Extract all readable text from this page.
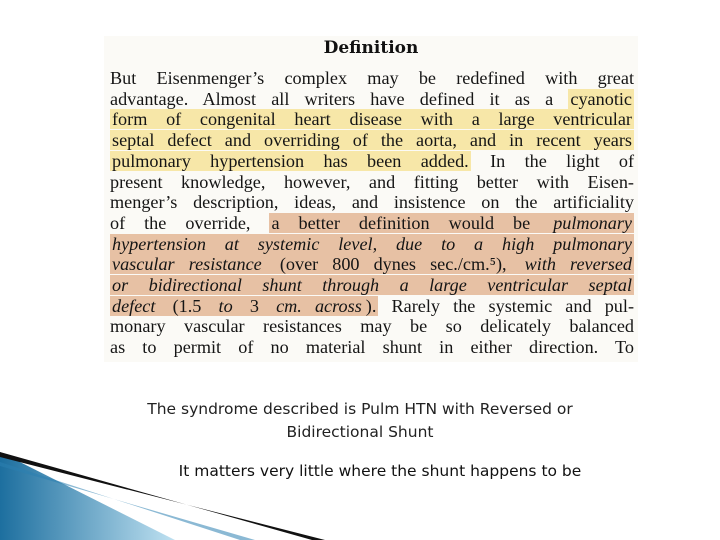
Definition
But Eisenmenger’s complex may be redefined with great
advantage. Almost all writers have defined it as a cyanotic
form of congenital heart disease with a large ventricular
septal defect and overriding of the aorta, and in recent years
pulmonary hypertension has been added. In the light of
present knowledge, however, and fitting better with Eisen-
menger’s description, ideas, and insistence on the artificiality
of the override, a better definition would be pulmonary
hypertension at systemic level, due to a high pulmonary
vascular resistance (over 800 dynes sec./cm.⁵), with reversed
or bidirectional shunt through a large ventricular septal
defect (1.5 to 3 cm. across ). Rarely the systemic and pul-
monary vascular resistances may be so delicately balanced
as to permit of no material shunt in either direction. To
The syndrome described is Pulm HTN with Reversed or
Bidirectional Shunt
It matters very little where the shunt happens to be
